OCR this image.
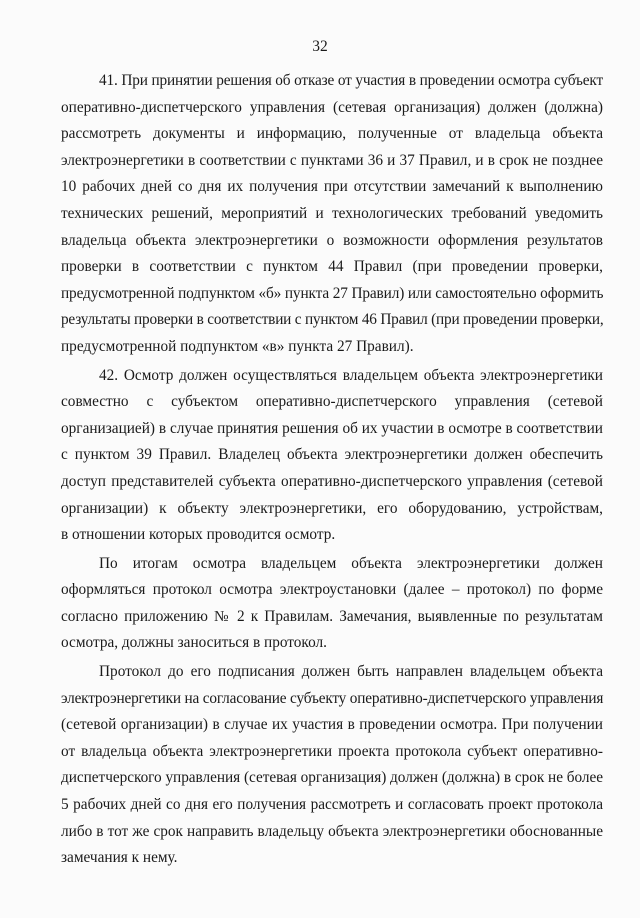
32
41. При принятии решения об отказе от участия в проведении осмотра субъект
оперативно-диспетчерского управления (сетевая организация) должен (должна)
рассмотреть документы и информацию, полученные от владельца объекта
электроэнергетики в соответствии с пунктами 36 и 37 Правил, и в срок не позднее
10 рабочих дней со дня их получения при отсутствии замечаний к выполнению
технических решений, мероприятий и технологических требований уведомить
владельца объекта электроэнергетики о возможности оформления результатов
проверки в соответствии с пунктом 44 Правил (при проведении проверки,
предусмотренной подпунктом «б» пункта 27 Правил) или самостоятельно оформить
результаты проверки в соответствии с пунктом 46 Правил (при проведении проверки,
предусмотренной подпунктом «в» пункта 27 Правил).
42. Осмотр должен осуществляться владельцем объекта электроэнергетики
совместно с субъектом оперативно-диспетчерского управления (сетевой
организацией) в случае принятия решения об их участии в осмотре в соответствии
с пунктом 39 Правил. Владелец объекта электроэнергетики должен обеспечить
доступ представителей субъекта оперативно-диспетчерского управления (сетевой
организации) к объекту электроэнергетики, его оборудованию, устройствам,
в отношении которых проводится осмотр.
По итогам осмотра владельцем объекта электроэнергетики должен
оформляться протокол осмотра электроустановки (далее – протокол) по форме
согласно приложению № 2 к Правилам. Замечания, выявленные по результатам
осмотра, должны заноситься в протокол.
Протокол до его подписания должен быть направлен владельцем объекта
электроэнергетики на согласование субъекту оперативно-диспетчерского управления
(сетевой организации) в случае их участия в проведении осмотра. При получении
от владельца объекта электроэнергетики проекта протокола субъект оперативно-
диспетчерского управления (сетевая организация) должен (должна) в срок не более
5 рабочих дней со дня его получения рассмотреть и согласовать проект протокола
либо в тот же срок направить владельцу объекта электроэнергетики обоснованные
замечания к нему.
